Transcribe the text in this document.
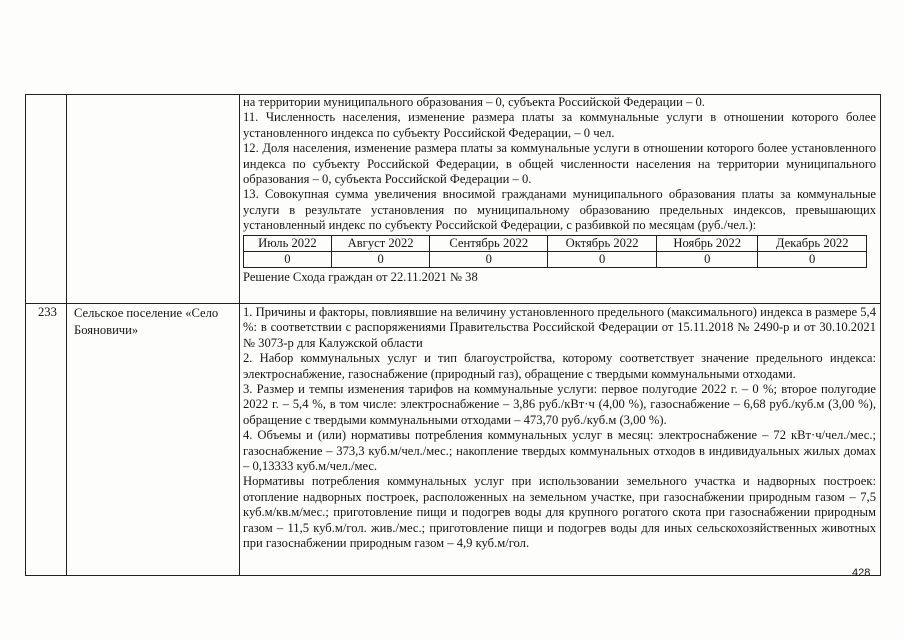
на территории муниципального образования – 0, субъекта Российской Федерации – 0.

11. Численность населения, изменение размера платы за коммунальные услуги в отношении которого более установленного индекса по субъекту Российской Федерации, – 0 чел.

12. Доля населения, изменение размера платы за коммунальные услуги в отношении которого более установленного индекса по субъекту Российской Федерации, в общей численности населения на территории муниципального образования – 0, субъекта Российской Федерации – 0.

13. Совокупная сумма увеличения вносимой гражданами муниципального образования платы за коммунальные услуги в результате установления по муниципальному образованию предельных индексов, превышающих установленный индекс по субъекту Российской Федерации, с разбивкой по месяцам (руб./чел.):

Июль 2022	Август 2022	Сентябрь 2022	Октябрь 2022	Ноябрь 2022	Декабрь 2022
0	0	0	0	0	0

Решение Схода граждан от 22.11.2021 № 38

233 Сельское поселение «Село Бояновичи»

1. Причины и факторы, повлиявшие на величину установленного предельного (максимального) индекса в размере 5,4 %: в соответствии с распоряжениями Правительства Российской Федерации от 15.11.2018 № 2490-р и от 30.10.2021 № 3073-р для Калужской области

2. Набор коммунальных услуг и тип благоустройства, которому соответствует значение предельного индекса: электроснабжение, газоснабжение (природный газ), обращение с твердыми коммунальными отходами.

3. Размер и темпы изменения тарифов на коммунальные услуги: первое полугодие 2022 г. – 0 %; второе полугодие 2022 г. – 5,4 %, в том числе: электроснабжение – 3,86 руб./кВт·ч (4,00 %), газоснабжение – 6,68 руб./куб.м (3,00 %), обращение с твердыми коммунальными отходами – 473,70 руб./куб.м (3,00 %).

4. Объемы и (или) нормативы потребления коммунальных услуг в месяц: электроснабжение – 72 кВт·ч/чел./мес.; газоснабжение – 373,3 куб.м/чел./мес.; накопление твердых коммунальных отходов в индивидуальных жилых домах – 0,13333 куб.м/чел./мес.

Нормативы потребления коммунальных услуг при использовании земельного участка и надворных построек: отопление надворных построек, расположенных на земельном участке, при газоснабжении природным газом – 7,5 куб.м/кв.м/мес.; приготовление пищи и подогрев воды для крупного рогатого скота при газоснабжении природным газом – 11,5 куб.м/гол. жив./мес.; приготовление пищи и подогрев воды для иных сельскохозяйственных животных при газоснабжении природным газом – 4,9 куб.м/гол.

428
